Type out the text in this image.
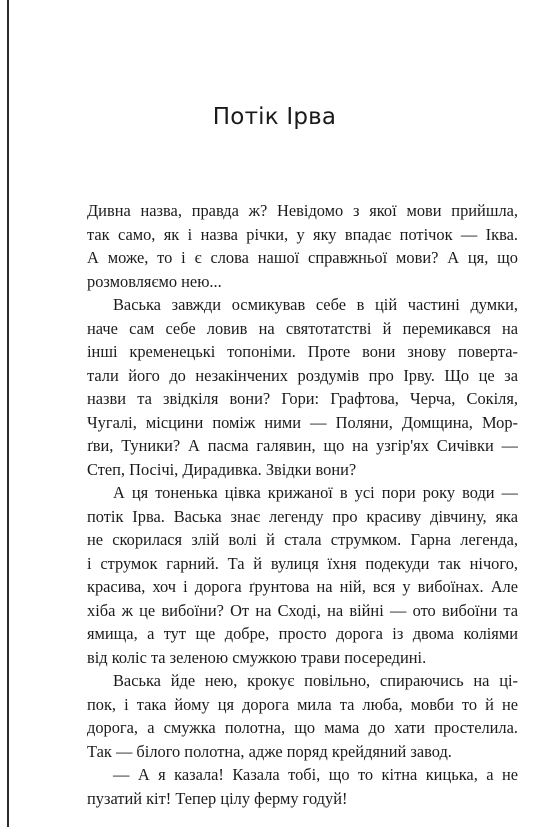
Потік Ірва
Дивна назва, правда ж? Невідомо з якої мови прийшла,
так само, як і назва річки, у яку впадає потічок — Іква.
А може, то і є слова нашої справжньої мови? А ця, що
розмовляємо нею...
Васька завжди осмикував себе в цій частині думки,
наче сам себе ловив на святотатстві й перемикався на
інші кременецькі топоніми. Проте вони знову поверта-
тали його до незакінчених роздумів про Ірву. Що це за
назви та звідкіля вони? Гори: Графтова, Черча, Сокіля,
Чугалі, місцини поміж ними — Поляни, Домщина, Мор-
ґви, Туники? А пасма галявин, що на узгір'ях Сичівки —
Степ, Посічі, Дирадивка. Звідки вони?
А ця тоненька цівка крижаної в усі пори року води —
потік Ірва. Васька знає легенду про красиву дівчину, яка
не скорилася злій волі й стала струмком. Гарна легенда,
і струмок гарний. Та й вулиця їхня подекуди так нічого,
красива, хоч і дорога ґрунтова на ній, вся у вибоїнах. Але
хіба ж це вибоїни? От на Сході, на війні — ото вибоїни та
ямища, а тут ще добре, просто дорога із двома коліями
від коліс та зеленою смужкою трави посередині.
Васька йде нею, крокує повільно, спираючись на ці-
пок, і така йому ця дорога мила та люба, мовби то й не
дорога, а смужка полотна, що мама до хати простелила.
Так — білого полотна, адже поряд крейдяний завод.
— А я казала! Казала тобі, що то кітна кицька, а не
пузатий кіт! Тепер цілу ферму годуй!
